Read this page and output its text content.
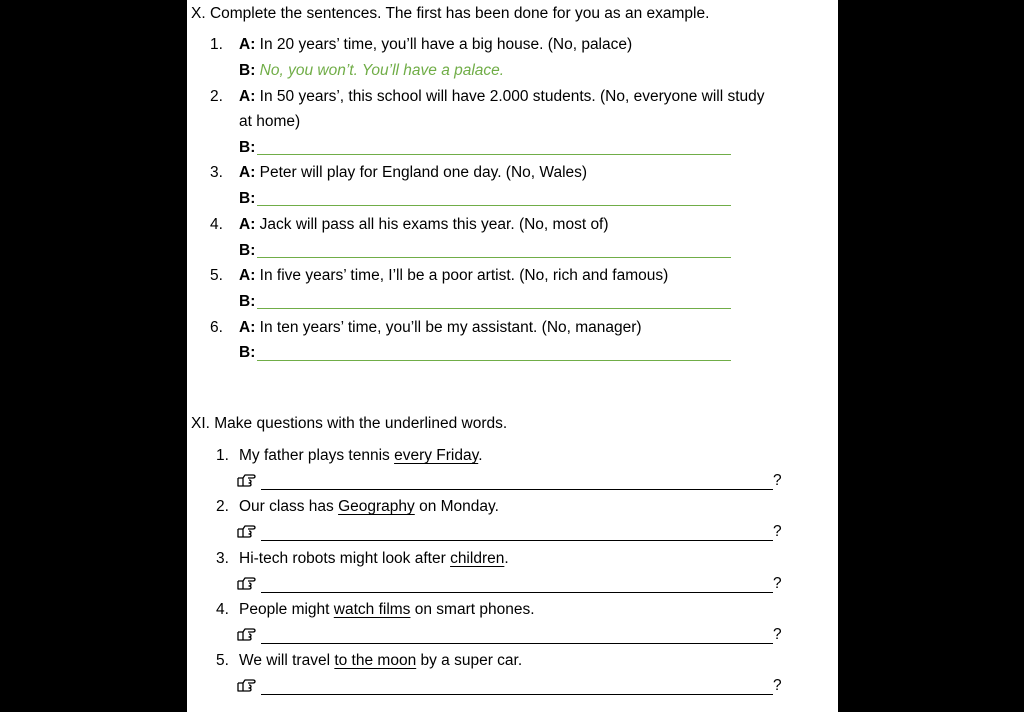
X. Complete the sentences. The first has been done for you as an example.
1. A: In 20 years’ time, you’ll have a big house. (No, palace)
B: No, you won’t. You’ll have a palace.
2. A: In 50 years’, this school will have 2.000 students. (No, everyone will study
at home)
B:
3. A: Peter will play for England one day. (No, Wales)
B:
4. A: Jack will pass all his exams this year. (No, most of)
B:
5. A: In five years’ time, I’ll be a poor artist. (No, rich and famous)
B:
6. A: In ten years’ time, you’ll be my assistant. (No, manager)
B:
XI. Make questions with the underlined words.
1. My father plays tennis every Friday.
?
2. Our class has Geography on Monday.
?
3. Hi-tech robots might look after children.
?
4. People might watch films on smart phones.
?
5. We will travel to the moon by a super car.
?
